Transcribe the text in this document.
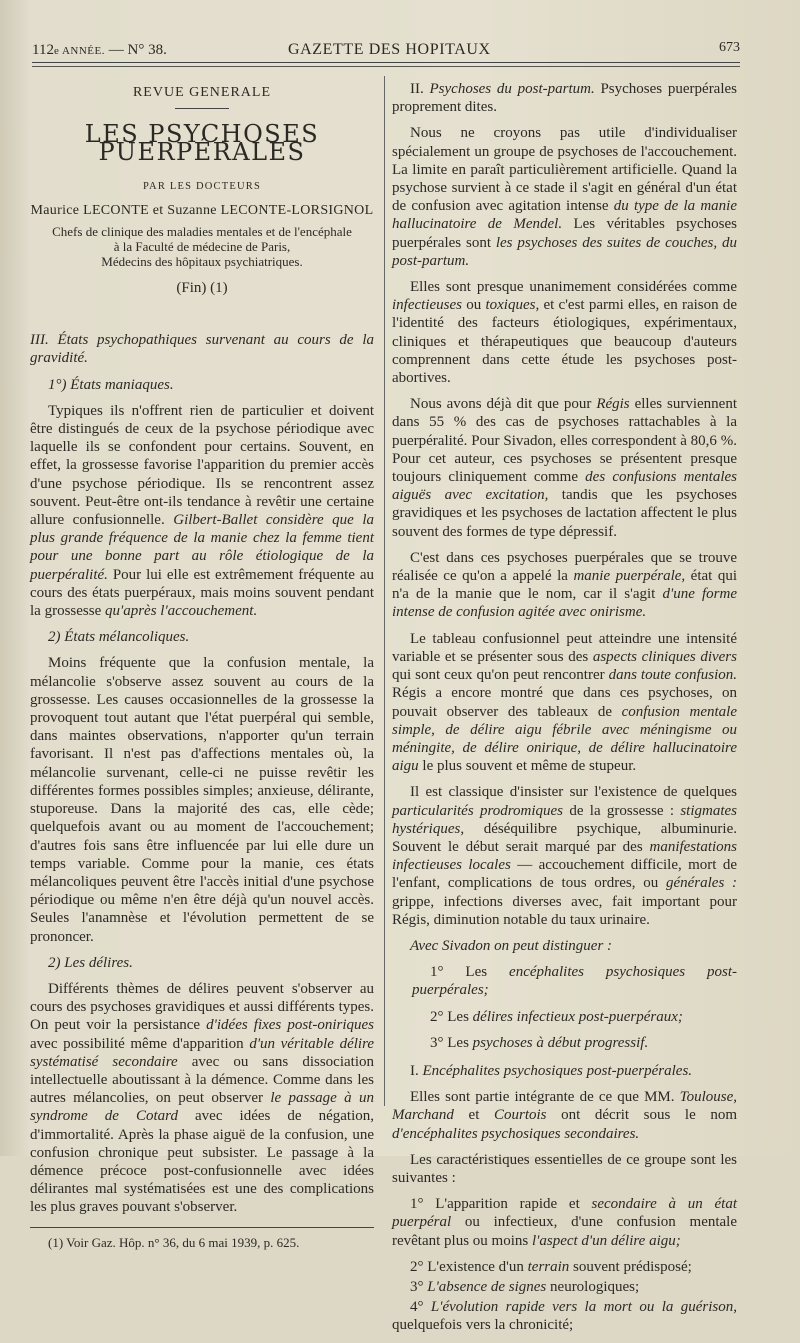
112e ANNÉE. — N° 38.	GAZETTE DES HOPITAUX	673
REVUE GENERALE
LES PSYCHOSES PUERPÉRALES
PAR LES DOCTEURS
Maurice LECONTE et Suzanne LECONTE-LORSIGNOL
Chefs de clinique des maladies mentales et de l'encéphale
à la Faculté de médecine de Paris,
Médecins des hôpitaux psychiatriques.
(Fin) (1)

III. États psychopathiques survenant au cours de la gravidité.

1°) États maniaques.

Typiques ils n'offrent rien de particulier et doivent être distingués de ceux de la psychose périodique avec laquelle ils se confondent pour certains. Souvent, en effet, la grossesse favorise l'apparition du premier accès d'une psychose périodique. Ils se rencontrent assez souvent. Peut-être ont-ils tendance à revêtir une certaine allure confusionnelle. Gilbert-Ballet considère que la plus grande fréquence de la manie chez la femme tient pour une bonne part au rôle étiologique de la puerpéralité. Pour lui elle est extrêmement fréquente au cours des états puerpéraux, mais moins souvent pendant la grossesse qu'après l'accouchement.

2) États mélancoliques.

Moins fréquente que la confusion mentale, la mélancolie s'observe assez souvent au cours de la grossesse. Les causes occasionnelles de la grossesse la provoquent tout autant que l'état puerpéral qui semble, dans maintes observations, n'apporter qu'un terrain favorisant. Il n'est pas d'affections mentales où, la mélancolie survenant, celle-ci ne puisse revêtir les différentes formes possibles simples; anxieuse, délirante, stuporeuse. Dans la majorité des cas, elle cède; quelquefois avant ou au moment de l'accouchement; d'autres fois sans être influencée par lui elle dure un temps variable. Comme pour la manie, ces états mélancoliques peuvent être l'accès initial d'une psychose périodique ou même n'en être déjà qu'un nouvel accès. Seules l'anamnèse et l'évolution permettent de se prononcer.

2) Les délires.

Différents thèmes de délires peuvent s'observer au cours des psychoses gravidiques et aussi différents types. On peut voir la persistance d'idées fixes post-oniriques avec possibilité même d'apparition d'un véritable délire systématisé secondaire avec ou sans dissociation intellectuelle aboutissant à la démence. Comme dans les autres mélancolies, on peut observer le passage à un syndrome de Cotard avec idées de négation, d'immortalité. Après la phase aiguë de la confusion, une confusion chronique peut subsister. Le passage à la démence précoce post-confusionnelle avec idées délirantes mal systématisées est une des complications les plus graves pouvant s'observer.

(1) Voir Gaz. Hôp. n° 36, du 6 mai 1939, p. 625.

II. Psychoses du post-partum. Psychoses puerpérales proprement dites.

Nous ne croyons pas utile d'individualiser spécialement un groupe de psychoses de l'accouchement. La limite en paraît particulièrement artificielle. Quand la psychose survient à ce stade il s'agit en général d'un état de confusion avec agitation intense du type de la manie hallucinatoire de Mendel. Les véritables psychoses puerpérales sont les psychoses des suites de couches, du post-partum.

Elles sont presque unanimement considérées comme infectieuses ou toxiques, et c'est parmi elles, en raison de l'identité des facteurs étiologiques, expérimentaux, cliniques et thérapeutiques que beaucoup d'auteurs comprennent dans cette étude les psychoses post-abortives.

Nous avons déjà dit que pour Régis elles surviennent dans 55 % des cas de psychoses rattachables à la puerpéralité. Pour Sivadon, elles correspondent à 80,6 %. Pour cet auteur, ces psychoses se présentent presque toujours cliniquement comme des confusions mentales aiguës avec excitation, tandis que les psychoses gravidiques et les psychoses de lactation affectent le plus souvent des formes de type dépressif.

C'est dans ces psychoses puerpérales que se trouve réalisée ce qu'on a appelé la manie puerpérale, état qui n'a de la manie que le nom, car il s'agit d'une forme intense de confusion agitée avec onirisme.

Le tableau confusionnel peut atteindre une intensité variable et se présenter sous des aspects cliniques divers qui sont ceux qu'on peut rencontrer dans toute confusion. Régis a encore montré que dans ces psychoses, on pouvait observer des tableaux de confusion mentale simple, de délire aigu fébrile avec méningisme ou méningite, de délire onirique, de délire hallucinatoire aigu le plus souvent et même de stupeur.

Il est classique d'insister sur l'existence de quelques particularités prodromiques de la grossesse : stigmates hystériques, déséquilibre psychique, albuminurie. Souvent le début serait marqué par des manifestations infectieuses locales — accouchement difficile, mort de l'enfant, complications de tous ordres, ou générales : grippe, infections diverses avec, fait important pour Régis, diminution notable du taux urinaire.

Avec Sivadon on peut distinguer :

1° Les encéphalites psychosiques post-puerpérales;

2° Les délires infectieux post-puerpéraux;

3° Les psychoses à début progressif.

I. Encéphalites psychosiques post-puerpérales.

Elles sont partie intégrante de ce que MM. Toulouse, Marchand et Courtois ont décrit sous le nom d'encéphalites psychosiques secondaires.

Les caractéristiques essentielles de ce groupe sont les suivantes :

1° L'apparition rapide et secondaire à un état puerpéral ou infectieux, d'une confusion mentale revêtant plus ou moins l'aspect d'un délire aigu;

2° L'existence d'un terrain souvent prédisposé;

3° L'absence de signes neurologiques;

4° L'évolution rapide vers la mort ou la guérison, quelquefois vers la chronicité;
